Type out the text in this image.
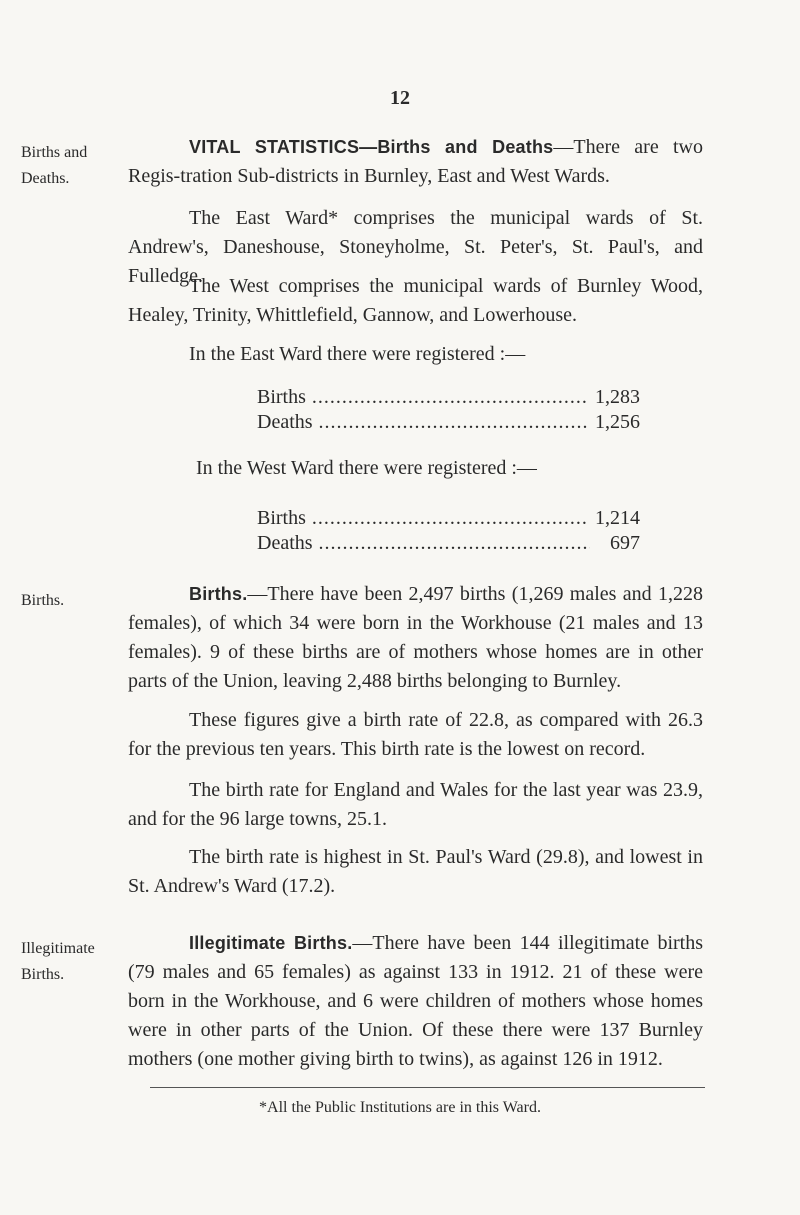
12
Births and
Deaths.
Births.
Illegitimate
Births.

VITAL STATISTICS—Births and Deaths—There are two Regis-tration Sub-districts in Burnley, East and West Wards.

The East Ward* comprises the municipal wards of St. Andrew's, Daneshouse, Stoneyholme, St. Peter's, St. Paul's, and Fulledge.

The West comprises the municipal wards of Burnley Wood, Healey, Trinity, Whittlefield, Gannow, and Lowerhouse.

In the East Ward there were registered :—

Births .....	1,283
Deaths .....	1,256

In the West Ward there were registered :—

Births .....	1,214
Deaths .....	697

Births.—There have been 2,497 births (1,269 males and 1,228 females), of which 34 were born in the Workhouse (21 males and 13 females). 9 of these births are of mothers whose homes are in other parts of the Union, leaving 2,488 births belonging to Burnley.

These figures give a birth rate of 22.8, as compared with 26.3 for the previous ten years. This birth rate is the lowest on record.

The birth rate for England and Wales for the last year was 23.9, and for the 96 large towns, 25.1.

The birth rate is highest in St. Paul's Ward (29.8), and lowest in St. Andrew's Ward (17.2).

Illegitimate Births.—There have been 144 illegitimate births (79 males and 65 females) as against 133 in 1912. 21 of these were born in the Workhouse, and 6 were children of mothers whose homes were in other parts of the Union. Of these there were 137 Burnley mothers (one mother giving birth to twins), as against 126 in 1912.

*All the Public Institutions are in this Ward.
